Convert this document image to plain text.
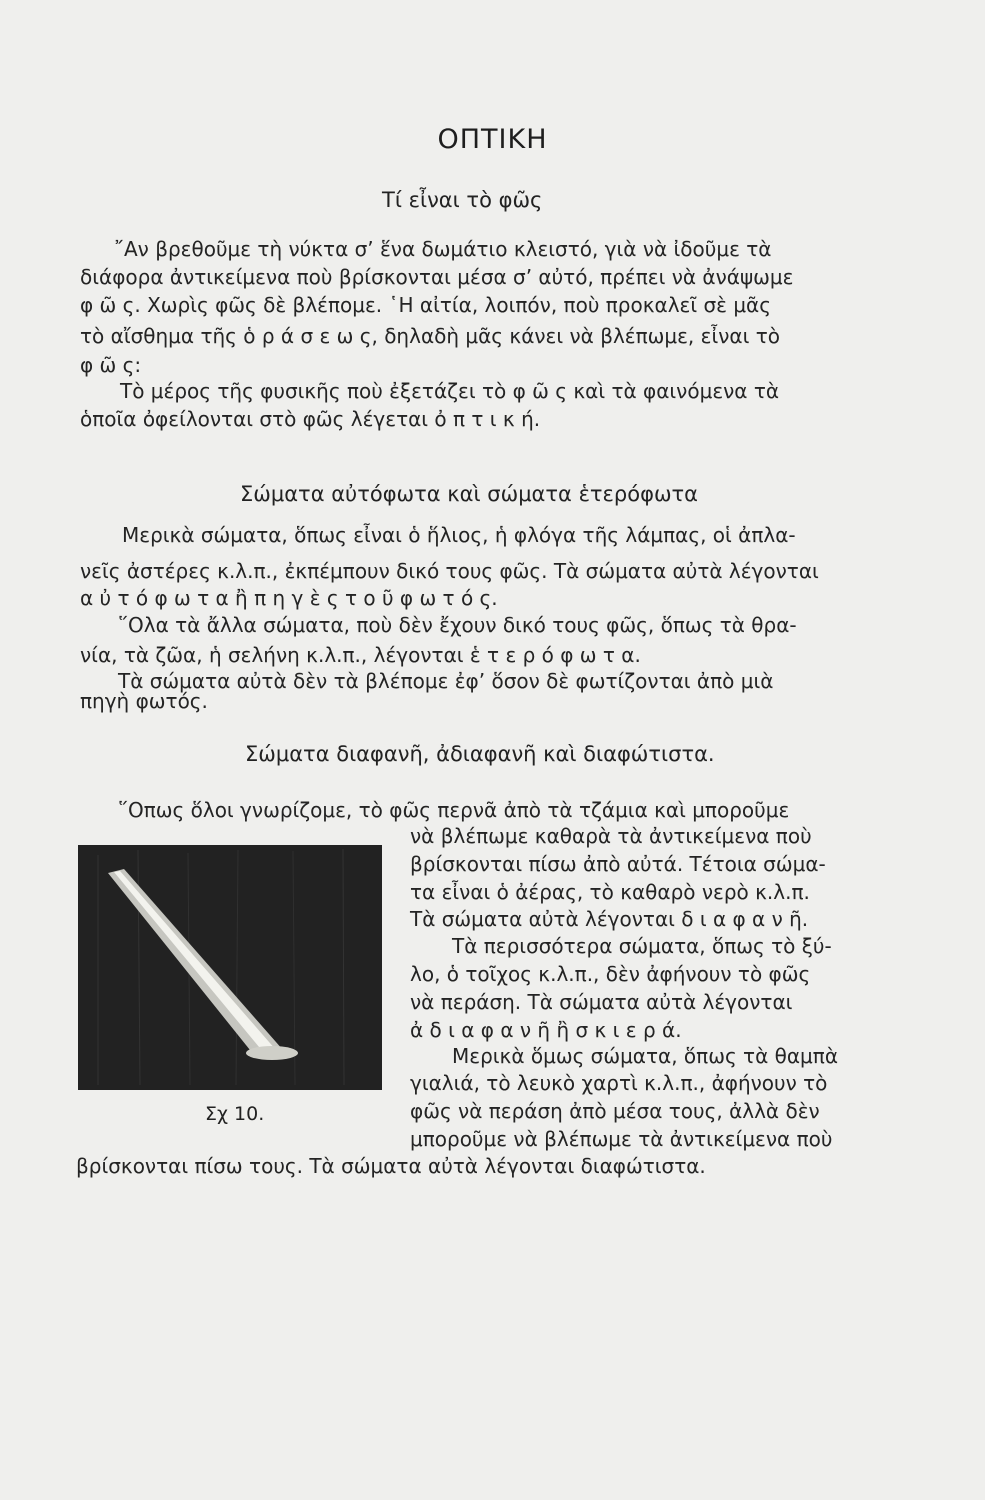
ΟΠΤΙΚΗ
Τί εἶναι τὸ φῶς
῎Αν βρεθοῦμε τὴ νύκτα σ’ ἕνα δωμάτιο κλειστό, γιὰ νὰ ἰδοῦμε τὰ
διάφορα ἀντικείμενα ποὺ βρίσκονται μέσα σ’ αὐτό, πρέπει νὰ ἀνάψωμε
φ ῶ ς. Χωρὶς φῶς δὲ βλέπομε. ῾Η αἰτία, λοιπόν, ποὺ προκαλεῖ σὲ μᾶς
τὸ αἴσθημα τῆς ὁ ρ ά σ ε ω ς, δηλαδὴ μᾶς κάνει νὰ βλέπωμε, εἶναι τὸ
φ ῶ ς:
Τὸ μέρος τῆς φυσικῆς ποὺ ἐξετάζει τὸ φ ῶ ς καὶ τὰ φαινόμενα τὰ
ὁποῖα ὀφείλονται στὸ φῶς λέγεται ὀ π τ ι κ ή.
Σώματα αὐτόφωτα καὶ σώματα ἑτερόφωτα
Μερικὰ σώματα, ὅπως εἶναι ὁ ἥλιος, ἡ φλόγα τῆς λάμπας, οἱ ἀπλα-
νεῖς ἀστέρες κ.λ.π., ἐκπέμπουν δικό τους φῶς. Τὰ σώματα αὐτὰ λέγονται
α ὐ τ ό φ ω τ α ἢ π η γ ὲ ς τ ο ῦ φ ω τ ό ς.
῞Ολα τὰ ἄλλα σώματα, ποὺ δὲν ἔχουν δικό τους φῶς, ὅπως τὰ θρα-
νία, τὰ ζῶα, ἡ σελήνη κ.λ.π., λέγονται ἑ τ ε ρ ό φ ω τ α.
Τὰ σώματα αὐτὰ δὲν τὰ βλέπομε ἐφ’ ὅσον δὲ φωτίζονται ἀπὸ μιὰ
πηγὴ φωτός.
Σώματα διαφανῆ, ἀδιαφανῆ καὶ διαφώτιστα.
῞Οπως ὅλοι γνωρίζομε, τὸ φῶς περνᾶ ἀπὸ τὰ τζάμια καὶ μποροῦμε
νὰ βλέπωμε καθαρὰ τὰ ἀντικείμενα ποὺ
βρίσκονται πίσω ἀπὸ αὐτά. Τέτοια σώμα-
τα εἶναι ὁ ἀέρας, τὸ καθαρὸ νερὸ κ.λ.π.
Τὰ σώματα αὐτὰ λέγονται δ ι α φ α ν ῆ.
Τὰ περισσότερα σώματα, ὅπως τὸ ξύ-
λο, ὁ τοῖχος κ.λ.π., δὲν ἀφήνουν τὸ φῶς
νὰ περάση. Τὰ σώματα αὐτὰ λέγονται
ἀ δ ι α φ α ν ῆ ἢ σ κ ι ε ρ ά.
Μερικὰ ὅμως σώματα, ὅπως τὰ θαμπὰ
γιαλιά, τὸ λευκὸ χαρτὶ κ.λ.π., ἀφήνουν τὸ
φῶς νὰ περάση ἀπὸ μέσα τους, ἀλλὰ δὲν
μποροῦμε νὰ βλέπωμε τὰ ἀντικείμενα ποὺ
βρίσκονται πίσω τους. Τὰ σώματα αὐτὰ λέγονται διαφώτιστα.
Σχ 10.
